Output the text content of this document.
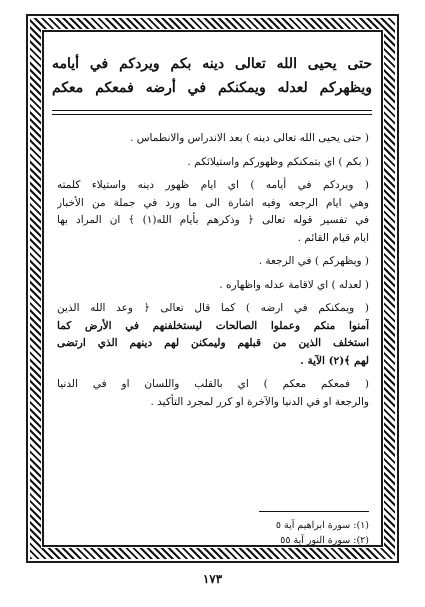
حتى يحيى الله تعالى دينه بكم ويردكم في أيامه
ويظهركم لعدله ويمكنكم في أرضه فمعكم معكم
( حتى يحيى الله تعالى دينه ) بعد الاندراس والانطماس .
( بكم ) اي بتمكنكم وظهوركم واستيلائكم .
( ويردكم في أيامه ) اي ايام ظهور دينه واستيلاء كلمته
وهي ايام الرجعه وفيه اشارة الى ما ورد في جملة من الأخبار
في تفسير قوله تعالى ﴿ وذكرهم بأيام الله(١) ﴾ ان المراد بها
ايام قيام القائم .
( ويظهركم ) في الرجعة .
( لعدله ) اي لاقامة عدله واظهاره .
( ويمكنكم في ارضه ) كما قال تعالى ﴿ وعد الله الذين
آمنوا منكم وعملوا الصالحات ليستخلفنهم في الأرض كما
استخلف الذين من قبلهم وليمكنن لهم دينهم الذي ارتضى
لهم ﴾(٢) الآية .
( فمعكم معكم ) اي بالقلب واللسان او في الدنيا
والرجعة او في الدنيا والآخرة او كرر لمجرد التأكيد .
(١): سورة ابراهيم آية ٥
(٢): سورة النور آية ٥٥
١٧٣
